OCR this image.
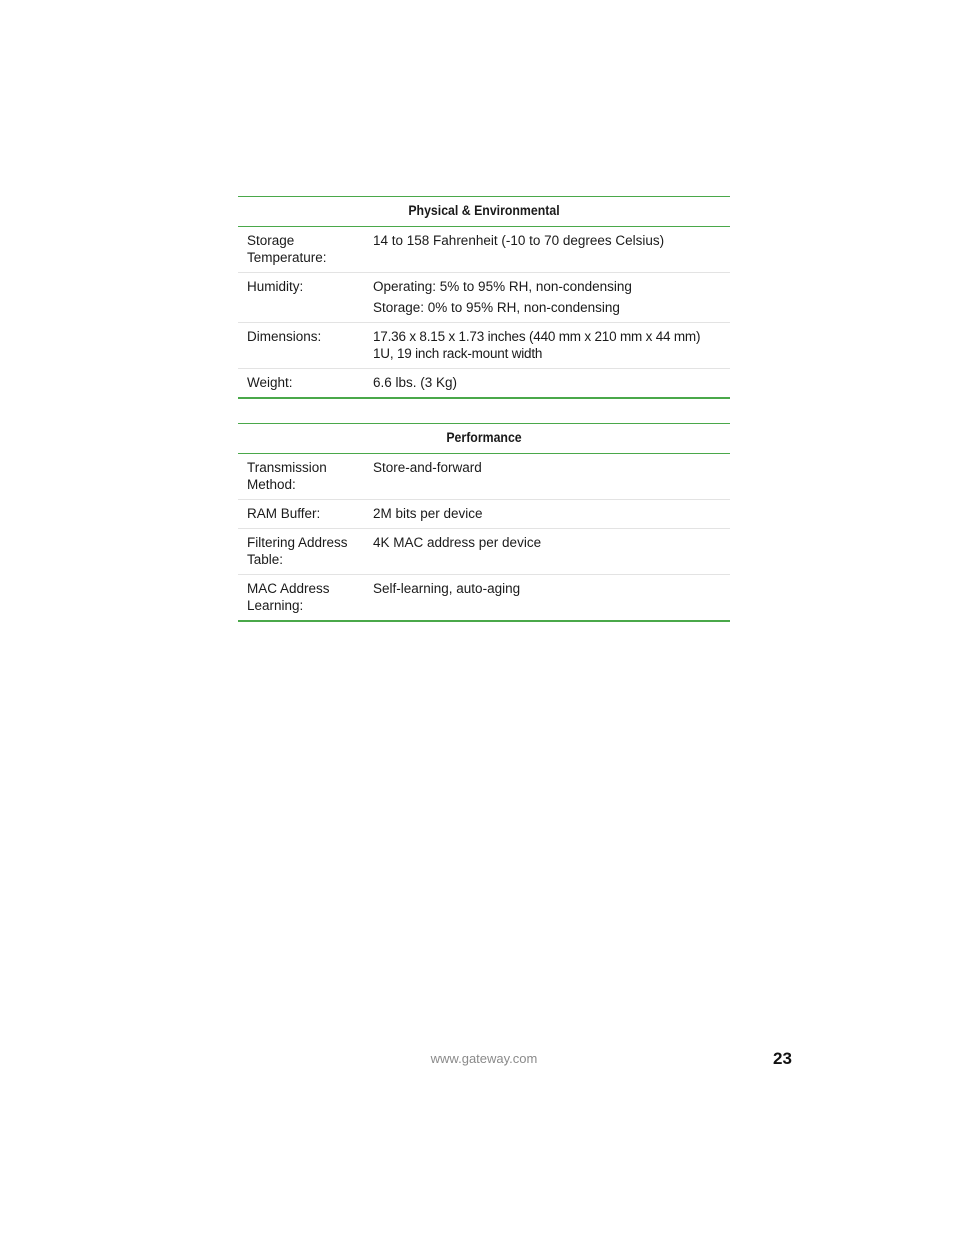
Physical & Environmental	
Storage Temperature:	14 to 158 Fahrenheit (-10 to 70 degrees Celsius)

Humidity:	Operating: 5% to 95% RH, non-condensing
Storage: 0% to 95% RH, non-condensing

Dimensions:	17.36 x 8.15 x 1.73 inches (440 mm x 210 mm x 44 mm) 1U, 19 inch rack-mount width

Weight:	6.6 lbs. (3 Kg)
Performance	
Transmission Method:	Store-and-forward

RAM Buffer:	2M bits per device

Filtering Address Table:	4K MAC address per device

MAC Address Learning:	Self-learning, auto-aging
www.gateway.com	23
